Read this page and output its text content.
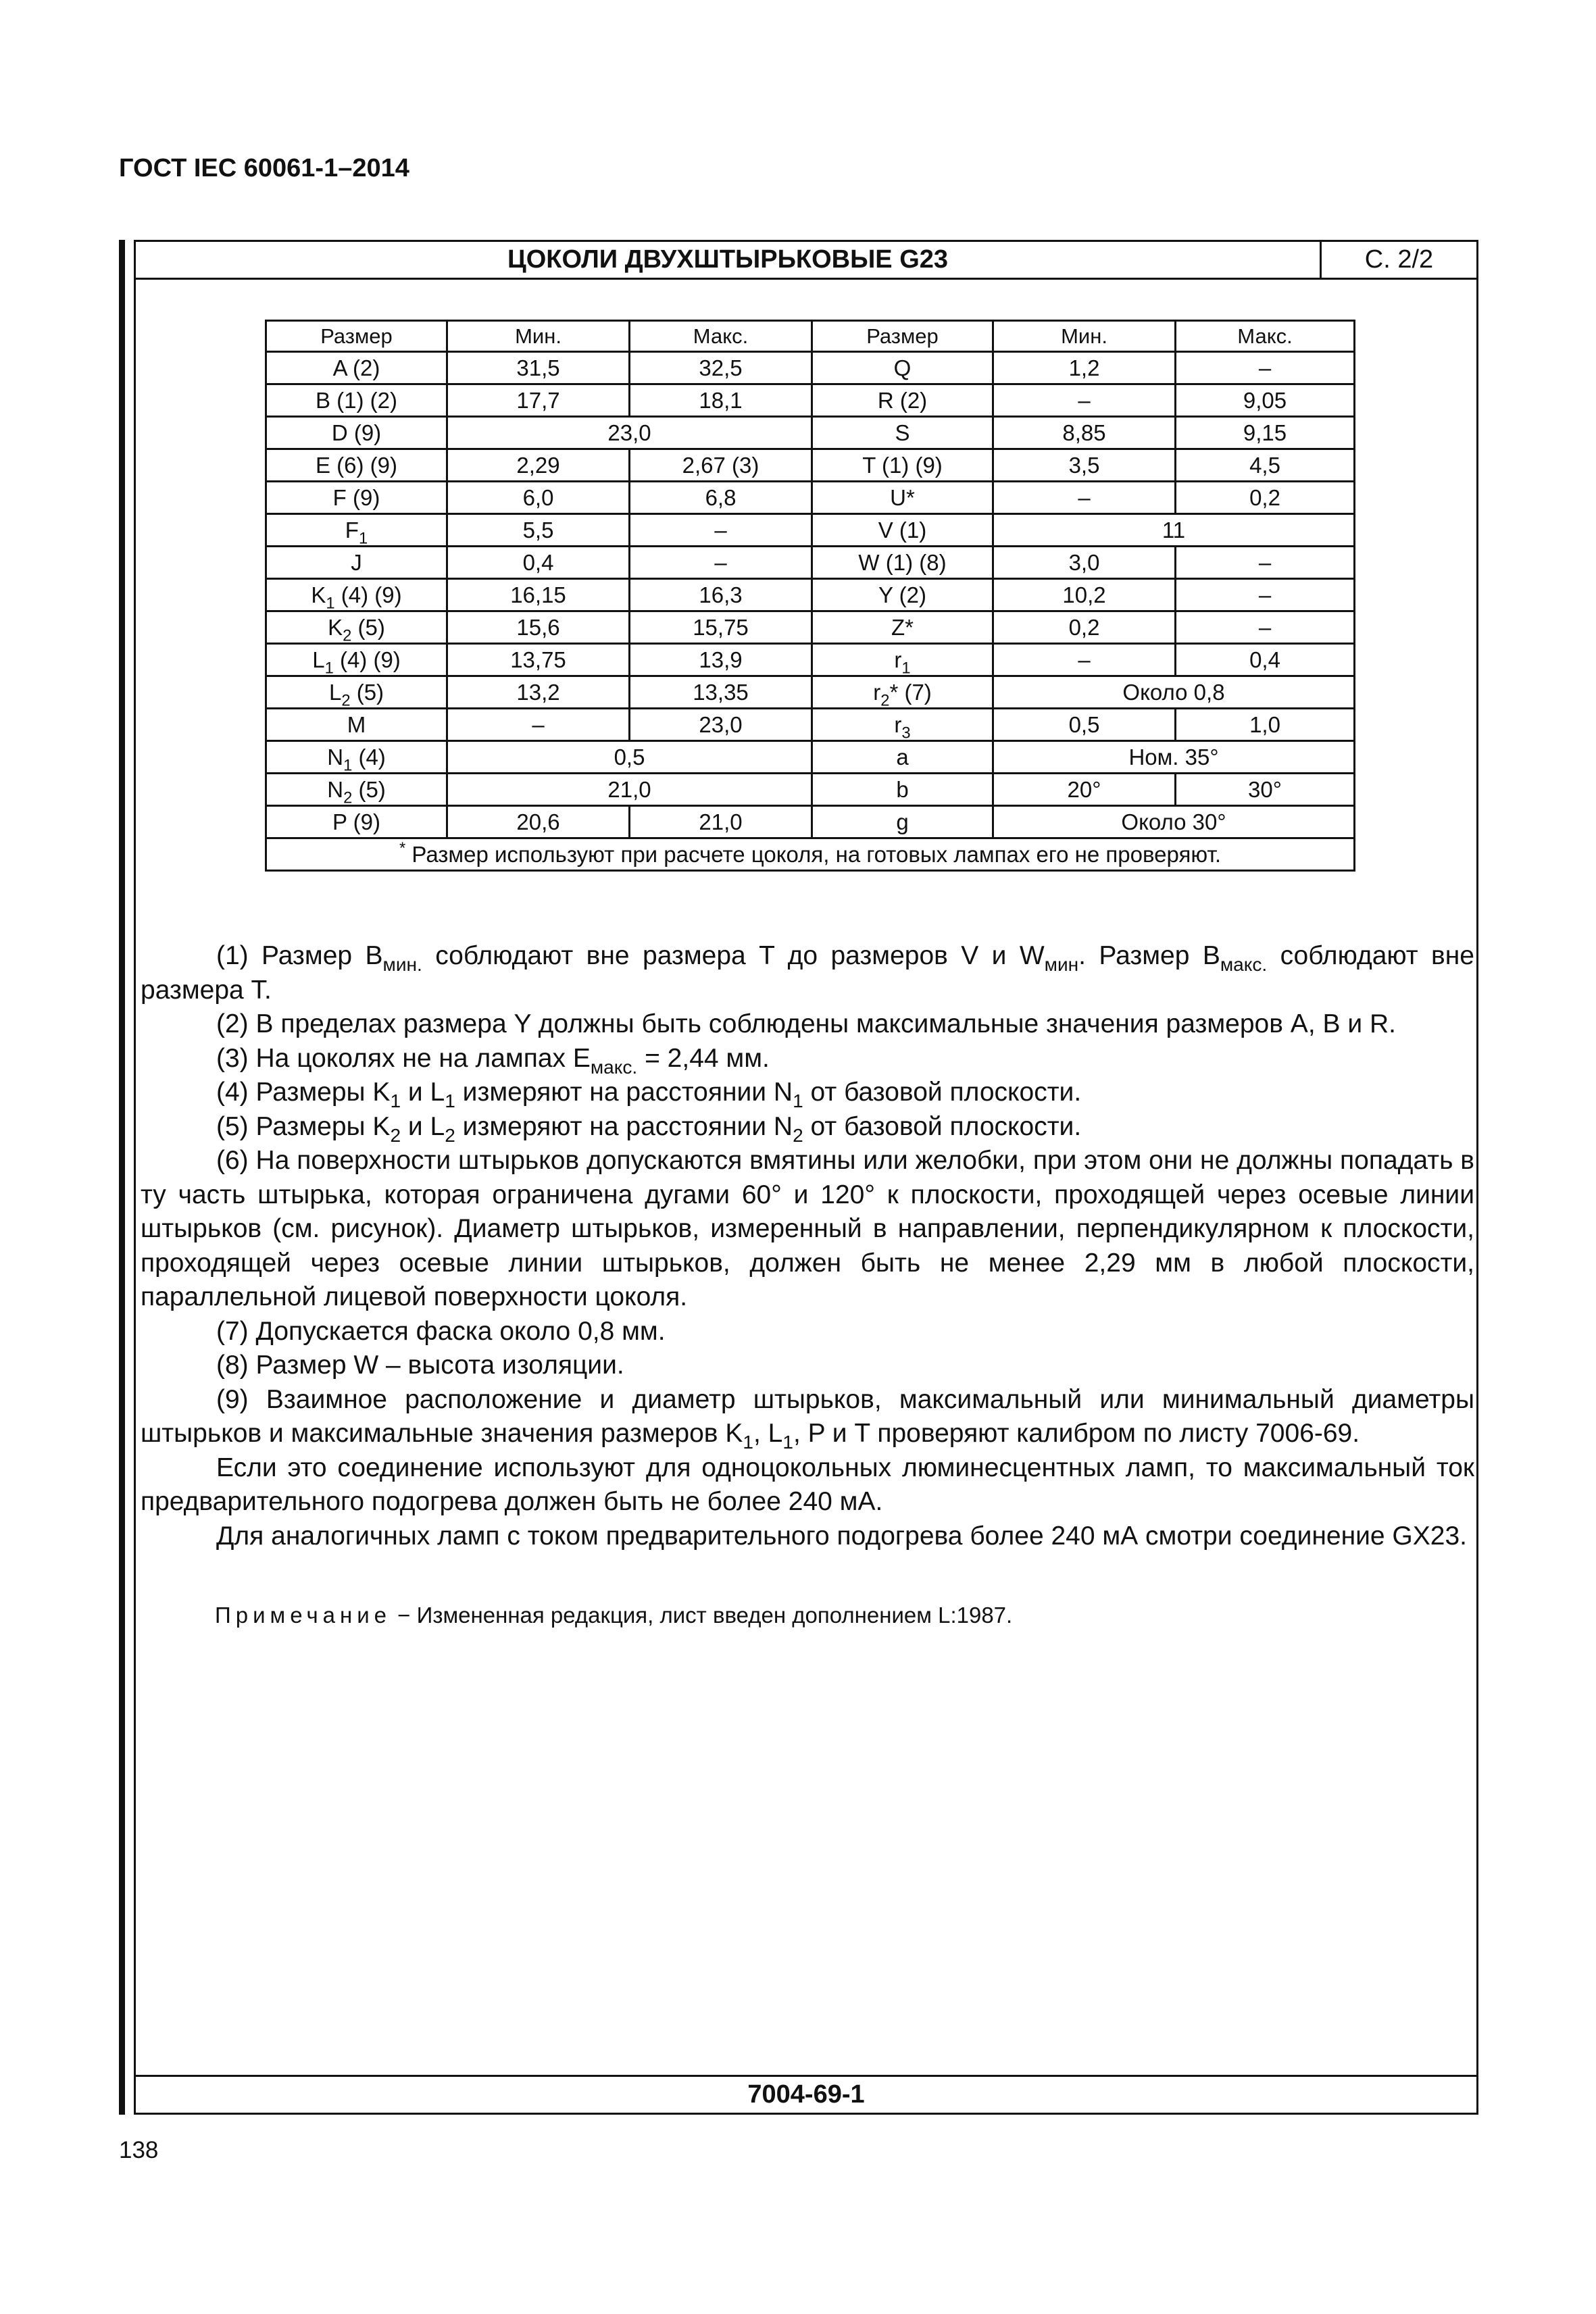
ГОСТ IEC 60061-1–2014
ЦОКОЛИ ДВУХШТЫРЬКОВЫЕ G23	С. 2/2
7004-69-1
Размер	Мин.	Макс.	Размер	Мин.	Макс.
A (2)	31,5	32,5	Q	1,2	–
B (1) (2)	17,7	18,1	R (2)	–	9,05
D (9)	23,0		S	8,85	9,15
E (6) (9)	2,29	2,67 (3)	T (1) (9)	3,5	4,5
F (9)	6,0	6,8	U*	–	0,2
$F_1$	5,5	–	V (1)	11	
J	0,4	–	W (1) (8)	3,0	–
$K_1$ (4) (9)	16,15	16,3	Y (2)	10,2	–
$K_2$ (5)	15,6	15,75	Z*	0,2	–
$L_1$ (4) (9)	13,75	13,9	$r_1$	–	0,4
$L_2$ (5)	13,2	13,35	$r_2*$ (7)	Около 0,8	
M	–	23,0	$r_3$	0,5	1,0
$N_1$ (4)	0,5		a	Ном. 35°	
$N_2$ (5)	21,0		b	20°	30°
P (9)	20,6	21,0	g	Около 30°	
* Размер используют при расчете цоколя, на готовых лампах его не проверяют.					

(1) Размер $B_{мин.}$ соблюдают вне размера T до размеров V и $W_{мин}$. Размер $B_{макс.}$ соблюдают вне размера T.

(2) В пределах размера Y должны быть соблюдены максимальные значения размеров A, B и R.

(3) На цоколях не на лампах $E_{макс.} = 2,44$ мм.

(4) Размеры $K_1$ и $L_1$ измеряют на расстоянии $N_1$ от базовой плоскости.

(5) Размеры $K_2$ и $L_2$ измеряют на расстоянии $N_2$ от базовой плоскости.

(6) На поверхности штырьков допускаются вмятины или желобки, при этом они не должны попадать в ту часть штырька, которая ограничена дугами 60° и 120° к плоскости, проходящей через осевые линии штырьков (см. рисунок). Диаметр штырьков, измеренный в направлении, перпендикулярном к плоскости, проходящей через осевые линии штырьков, должен быть не менее 2,29 мм в любой плоскости, параллельной лицевой поверхности цоколя.

(7) Допускается фаска около 0,8 мм.

(8) Размер W – высота изоляции.

(9) Взаимное расположение и диаметр штырьков, максимальный или минимальный диаметры штырьков и максимальные значения размеров $K_1$, $L_1$, P и T проверяют калибром по листу 7006-69.

Если это соединение используют для одноцокольных люминесцентных ламп, то максимальный ток предварительного подогрева должен быть не более 240 мА.

Для аналогичных ламп с током предварительного подогрева более 240 мА смотри соединение GX23.

Примечание − Измененная редакция, лист введен дополнением L:1987.
138
